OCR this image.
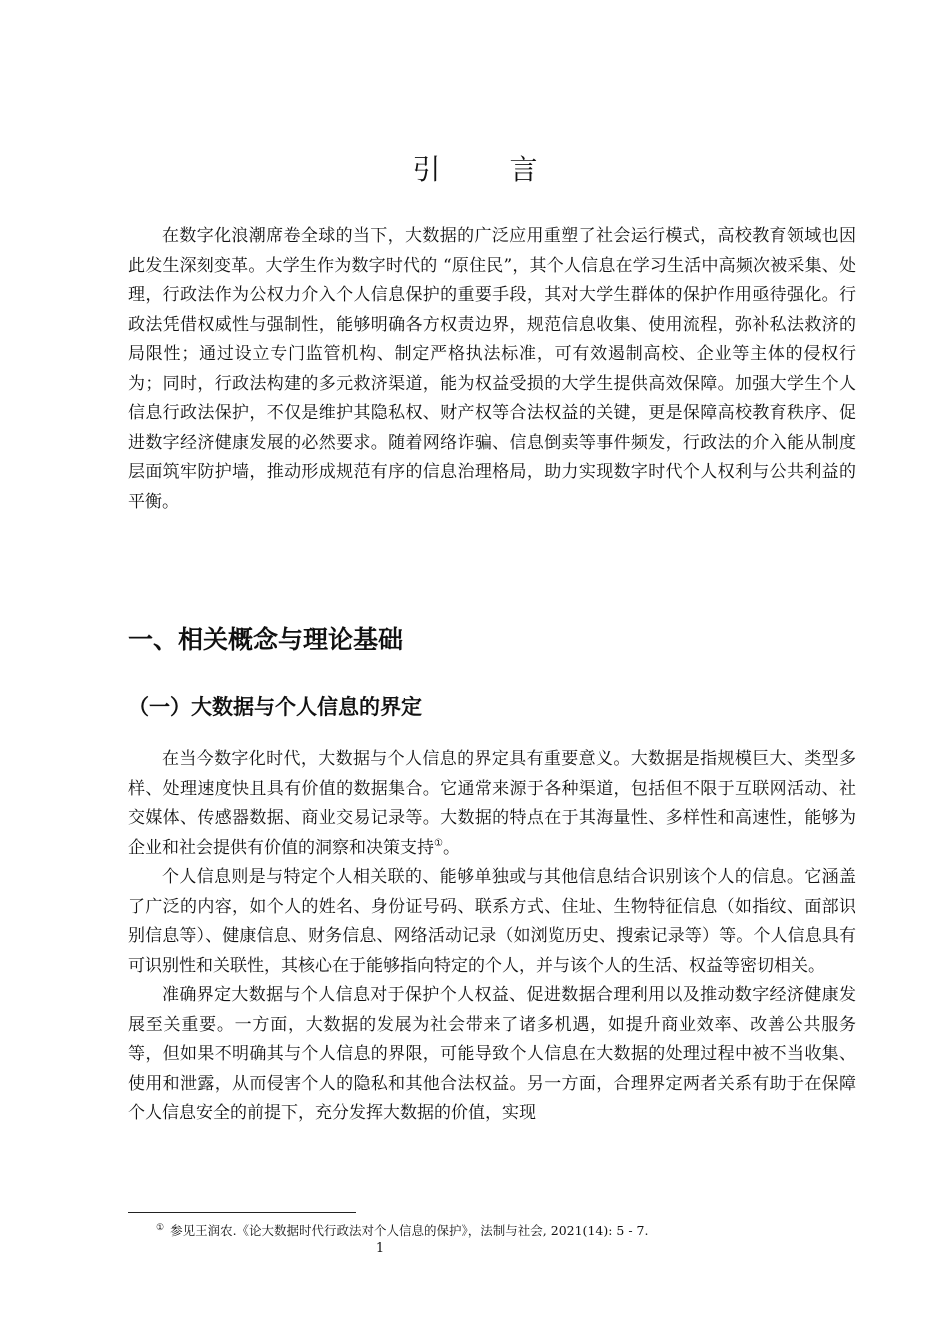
引 言

在数字化浪潮席卷全球的当下，大数据的广泛应用重塑了社会运行模式，高校教育领域也因此发生深刻变革。大学生作为数字时代的 “原住民”，其个人信息在学习生活中高频次被采集、处理，行政法作为公权力介入个人信息保护的重要手段，其对大学生群体的保护作用亟待强化。行政法凭借权威性与强制性，能够明确各方权责边界，规范信息收集、使用流程，弥补私法救济的局限性；通过设立专门监管机构、制定严格执法标准，可有效遏制高校、企业等主体的侵权行为；同时，行政法构建的多元救济渠道，能为权益受损的大学生提供高效保障。加强大学生个人信息行政法保护，不仅是维护其隐私权、财产权等合法权益的关键，更是保障高校教育秩序、促进数字经济健康发展的必然要求。随着网络诈骗、信息倒卖等事件频发，行政法的介入能从制度层面筑牢防护墙，推动形成规范有序的信息治理格局，助力实现数字时代个人权利与公共利益的平衡。

一、相关概念与理论基础
（一）大数据与个人信息的界定

在当今数字化时代，大数据与个人信息的界定具有重要意义。大数据是指规模巨大、类型多样、处理速度快且具有价值的数据集合。它通常来源于各种渠道，包括但不限于互联网活动、社交媒体、传感器数据、商业交易记录等。大数据的特点在于其海量性、多样性和高速性，能够为企业和社会提供有价值的洞察和决策支持①。

个人信息则是与特定个人相关联的、能够单独或与其他信息结合识别该个人的信息。它涵盖了广泛的内容，如个人的姓名、身份证号码、联系方式、住址、生物特征信息（如指纹、面部识别信息等）、健康信息、财务信息、网络活动记录（如浏览历史、搜索记录等）等。个人信息具有可识别性和关联性，其核心在于能够指向特定的个人，并与该个人的生活、权益等密切相关。

准确界定大数据与个人信息对于保护个人权益、促进数据合理利用以及推动数字经济健康发展至关重要。一方面，大数据的发展为社会带来了诸多机遇，如提升商业效率、改善公共服务等，但如果不明确其与个人信息的界限，可能导致个人信息在大数据的处理过程中被不当收集、使用和泄露，从而侵害个人的隐私和其他合法权益。另一方面，合理界定两者关系有助于在保障个人信息安全的前提下，充分发挥大数据的价值，实现

① 参见王润农.《论大数据时代行政法对个人信息的保护》，法制与社会, 2021(14): 5 - 7.

1
